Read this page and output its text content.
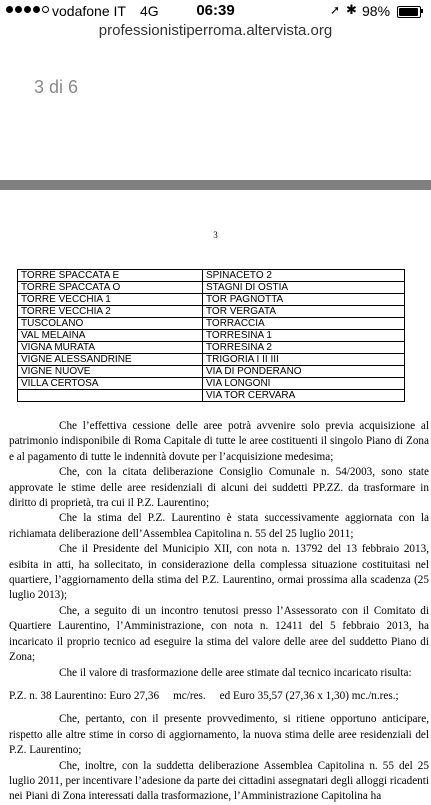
vodafone IT 4G	06:39	➚ ✱ 98%
professionistiperroma.altervista.org
3 di 6
3
TORRE SPACCATA E	SPINACETO 2
TORRE SPACCATA O	STAGNI DI OSTIA
TORRE VECCHIA 1	TOR PAGNOTTA
TORRE VECCHIA 2	TOR VERGATA
TUSCOLANO	TORRACCIA
VAL MELAINA	TORRESINA 1
VIGNA MURATA	TORRESINA 2
VIGNE ALESSANDRINE	TRIGORIA I II III
VIGNE NUOVE	VIA DI PONDERANO
VILLA CERTOSA	VIA LONGONI
	VIA TOR CERVARA

Che l’effettiva cessione delle aree potrà avvenire solo previa acquisizione al patrimonio indisponibile di Roma Capitale di tutte le aree costituenti il singolo Piano di Zona e al pagamento di tutte le indennità dovute per l’acquisizione medesima;

Che, con la citata deliberazione Consiglio Comunale n. 54/2003, sono state approvate le stime delle aree residenziali di alcuni dei suddetti PP.ZZ. da trasformare in diritto di proprietà, tra cui il P.Z. Laurentino;

Che la stima del P.Z. Laurentino è stata successivamente aggiornata con la richiamata deliberazione dell’Assemblea Capitolina n. 55 del 25 luglio 2011;

Che il Presidente del Municipio XII, con nota n. 13792 del 13 febbraio 2013, esibita in atti, ha sollecitato, in considerazione della complessa situazione costituitasi nel quartiere, l’aggiornamento della stima del P.Z. Laurentino, ormai prossima alla scadenza (25 luglio 2013);

Che, a seguito di un incontro tenutosi presso l’Assessorato con il Comitato di Quartiere Laurentino, l’Amministrazione, con nota n. 12411 del 5 febbraio 2013, ha incaricato il proprio tecnico ad eseguire la stima del valore delle aree del suddetto Piano di Zona;

Che il valore di trasformazione delle aree stimate dal tecnico incaricato risulta:

P.Z. n. 38 Laurentino: Euro 27,36     mc/res.     ed Euro 35,57 (27,36 x 1,30) mc./n.res.;

Che, pertanto, con il presente provvedimento, si ritiene opportuno anticipare, rispetto alle altre stime in corso di aggiornamento, la nuova stima delle aree residenziali del P.Z. Laurentino;

Che, inoltre, con la suddetta deliberazione Assemblea Capitolina n. 55 del 25 luglio 2011, per incentivare l’adesione da parte dei cittadini assegnatari degli alloggi ricadenti nei Piani di Zona interessati dalla trasformazione, l’Amministrazione Capitolina ha
